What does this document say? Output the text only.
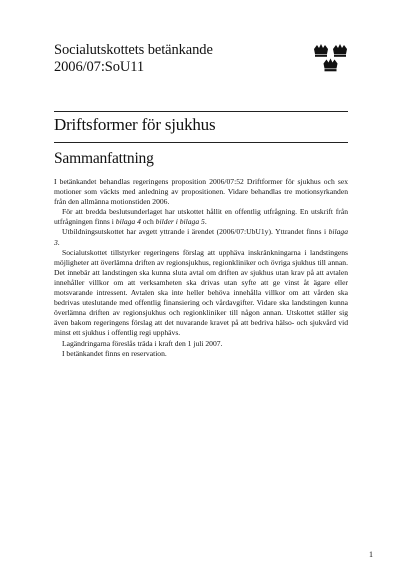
Socialutskottets betänkande
2006/07:SoU11
Driftsformer för sjukhus
Sammanfattning

I betänkandet behandlas regeringens proposition 2006/07:52 Driftformer för sjukhus och sex motioner som väckts med anledning av propositionen. Vidare behandlas tre motionsyrkanden från den allmänna motionstiden 2006.

För att bredda beslutsunderlaget har utskottet hållit en offentlig utfrågning. En utskrift från utfrågningen finns i bilaga 4 och bilder i bilaga 5.

Utbildningsutskottet har avgett yttrande i ärendet (2006/07:UbU1y). Yttrandet finns i bilaga 3.

Socialutskottet tillstyrker regeringens förslag att upphäva inskränkningarna i landstingens möjligheter att överlämna driften av regionsjukhus, regionkliniker och övriga sjukhus till annan. Det innebär att landstingen ska kunna sluta avtal om driften av sjukhus utan krav på att avtalen innehåller villkor om att verksamheten ska drivas utan syfte att ge vinst åt ägare eller motsvarande intressent. Avtalen ska inte heller behöva innehålla villkor om att vården ska bedrivas uteslutande med offentlig finansiering och vårdavgifter. Vidare ska landstingen kunna överlämna driften av regionsjukhus och regionkliniker till någon annan. Utskottet ställer sig även bakom regeringens förslag att det nuvarande kravet på att bedriva hälso- och sjukvård vid minst ett sjukhus i offentlig regi upphävs.

Lagändringarna föreslås träda i kraft den 1 juli 2007.

I betänkandet finns en reservation.

1
